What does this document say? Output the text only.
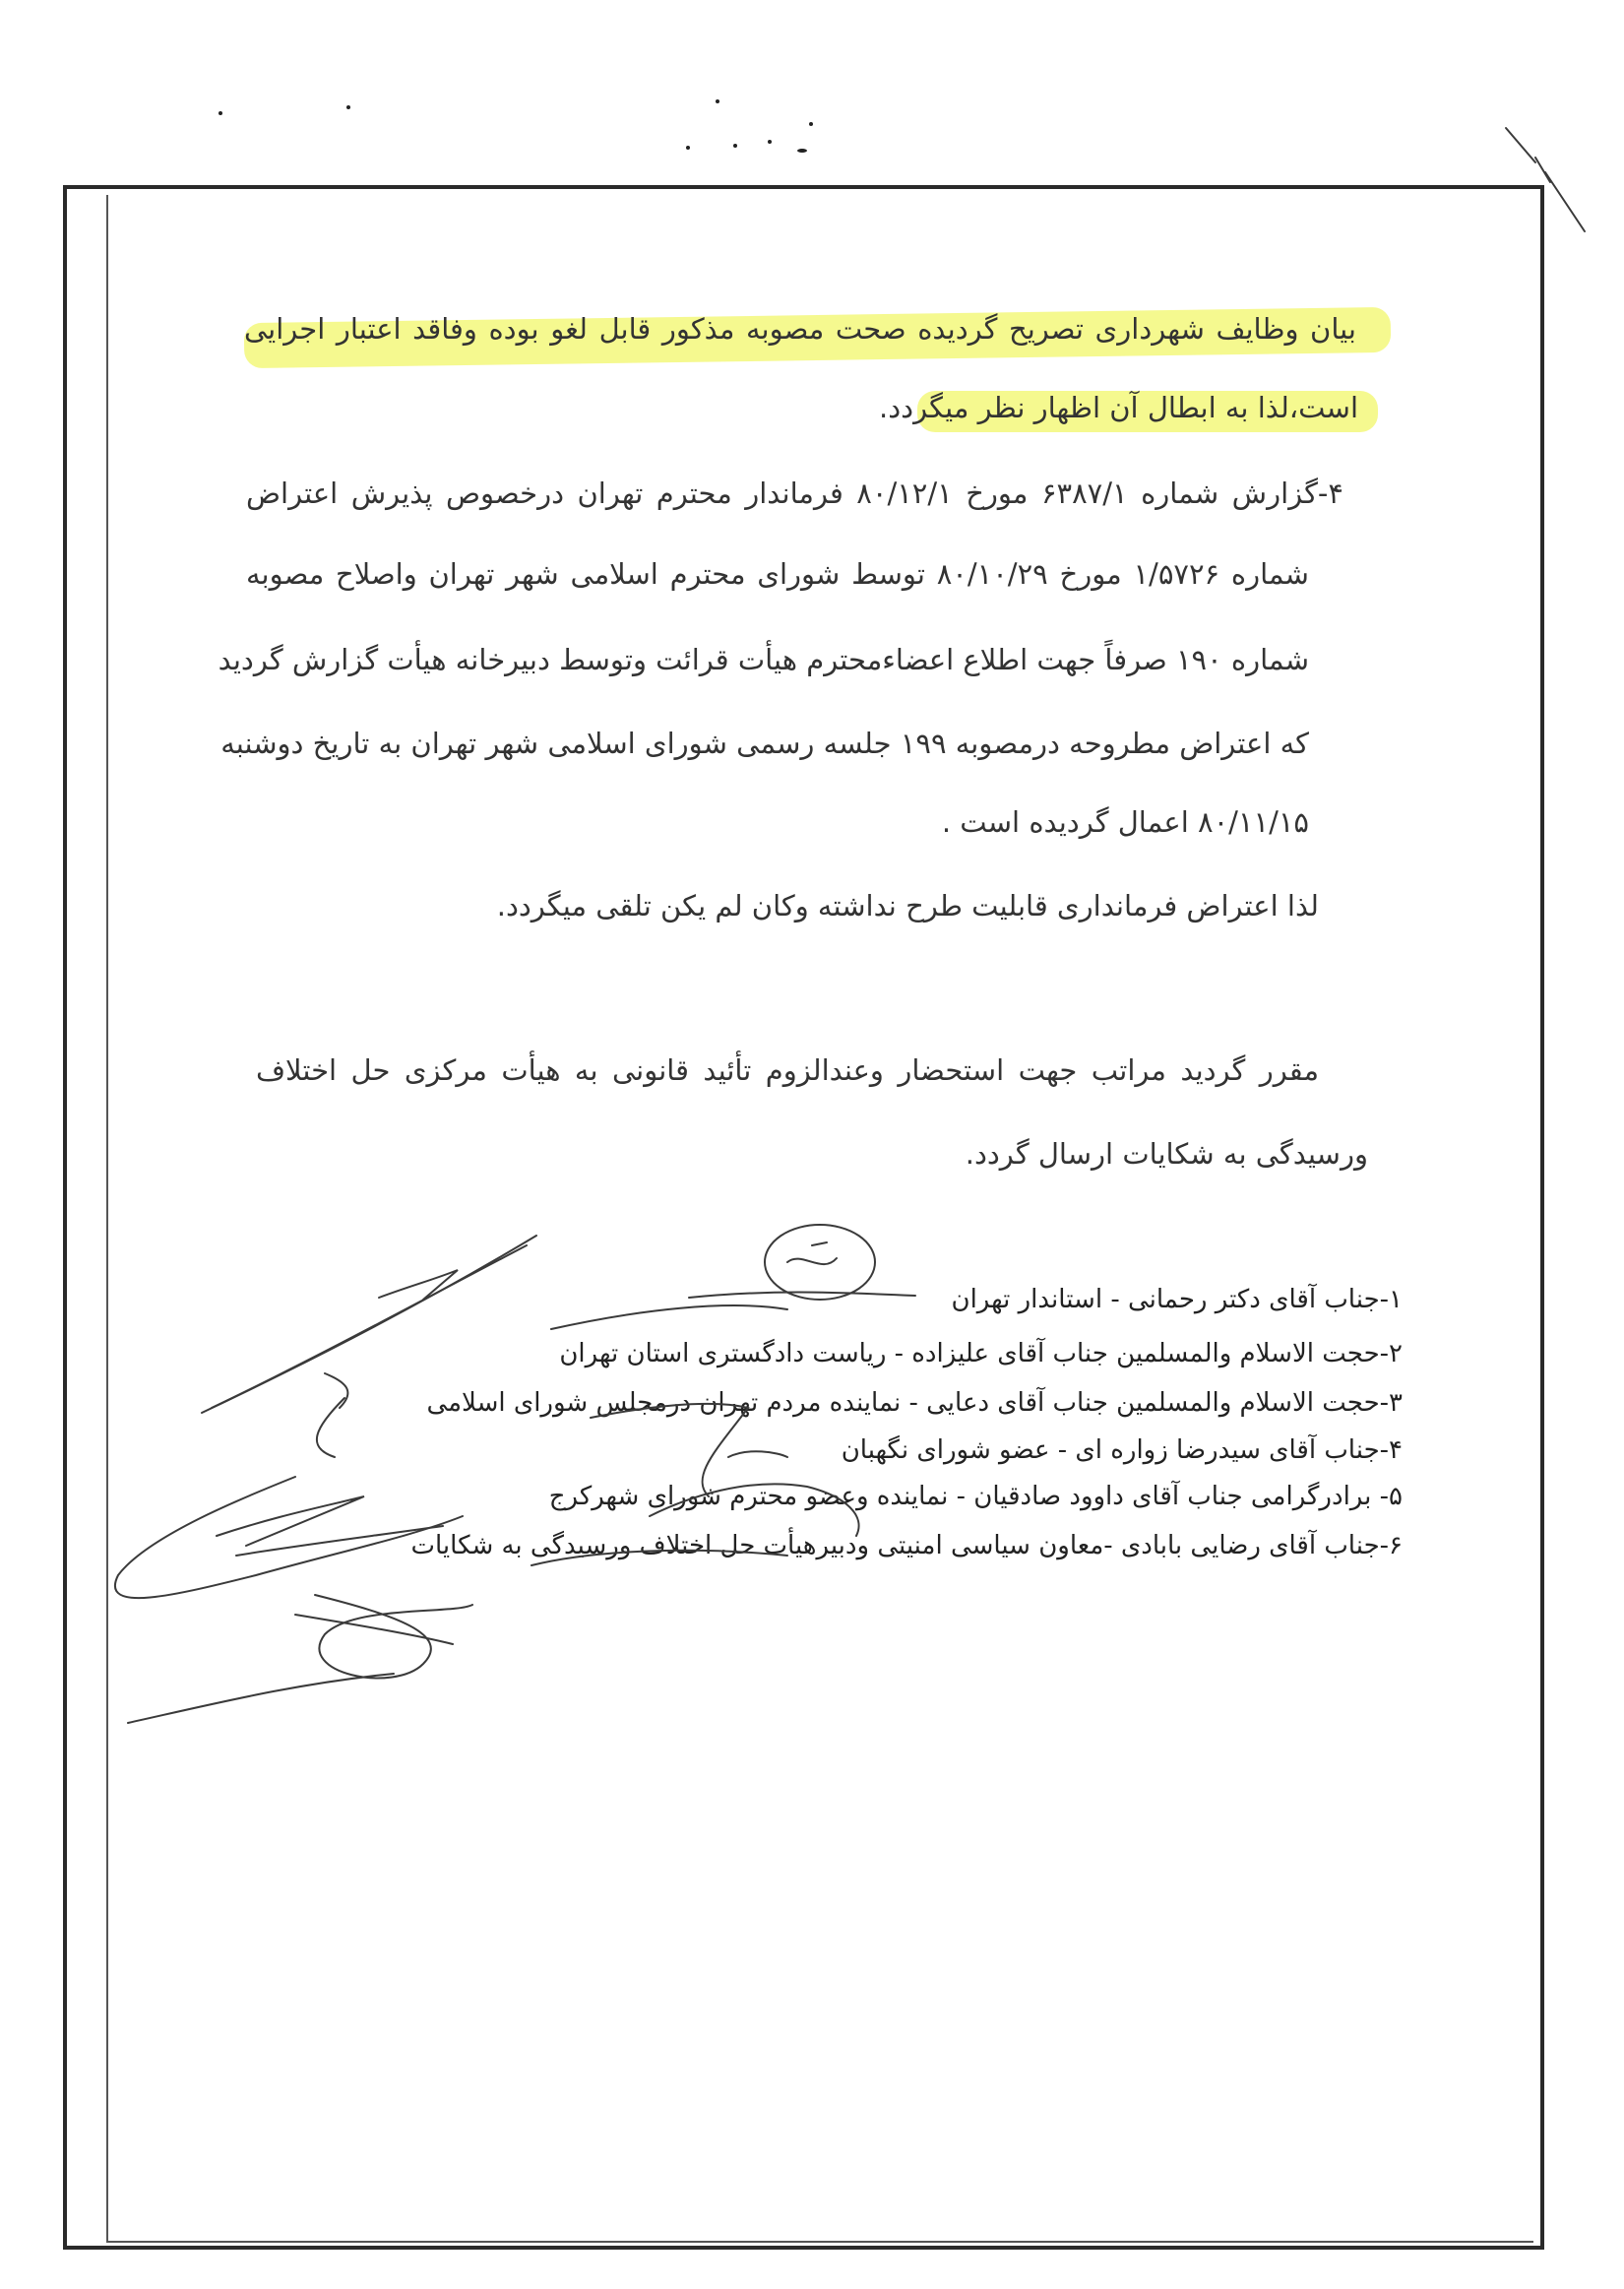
بیان وظایف شهرداری تصریح گردیده صحت مصوبه مذکور قابل لغو بوده وفاقد اعتبار اجرایی
است،لذا به ابطال آن اظهار نظر میگردد.
۴-گزارش شماره ۶۳۸۷/۱ مورخ ۸۰/۱۲/۱ فرماندار محترم تهران درخصوص پذیرش اعتراض
شماره ۱/۵۷۲۶ مورخ ۸۰/۱۰/۲۹ توسط شورای محترم اسلامی شهر تهران واصلاح مصوبه
شماره ۱۹۰ صرفاً جهت اطلاع اعضاءمحترم هیأت قرائت وتوسط دبیرخانه هیأت گزارش گردید
که اعتراض مطروحه درمصوبه ۱۹۹ جلسه رسمی شورای اسلامی شهر تهران به تاریخ دوشنبه
۸۰/۱۱/۱۵ اعمال گردیده است .
لذا اعتراض فرمانداری قابلیت طرح نداشته وکان لم یکن تلقی میگردد.
مقرر گردید مراتب جهت استحضار وعندالزوم تأئید قانونی به هیأت مرکزی حل اختلاف
ورسیدگی به شکایات ارسال گردد.
۱-جناب آقای دکتر رحمانی - استاندار تهران
۲-حجت الاسلام والمسلمین جناب آقای علیزاده - ریاست دادگستری استان تهران
۳-حجت الاسلام والمسلمین جناب آقای دعایی - نماینده مردم تهران درمجلس شورای اسلامی
۴-جناب آقای سیدرضا زواره ای - عضو شورای نگهبان
۵- برادرگرامی جناب آقای داوود صادقیان - نماینده وعضو محترم شورای شهرکرج
۶-جناب آقای رضایی بابادی -معاون سیاسی امنیتی ودبیرهیأت حل اختلاف ورسیدگی به شکایات
